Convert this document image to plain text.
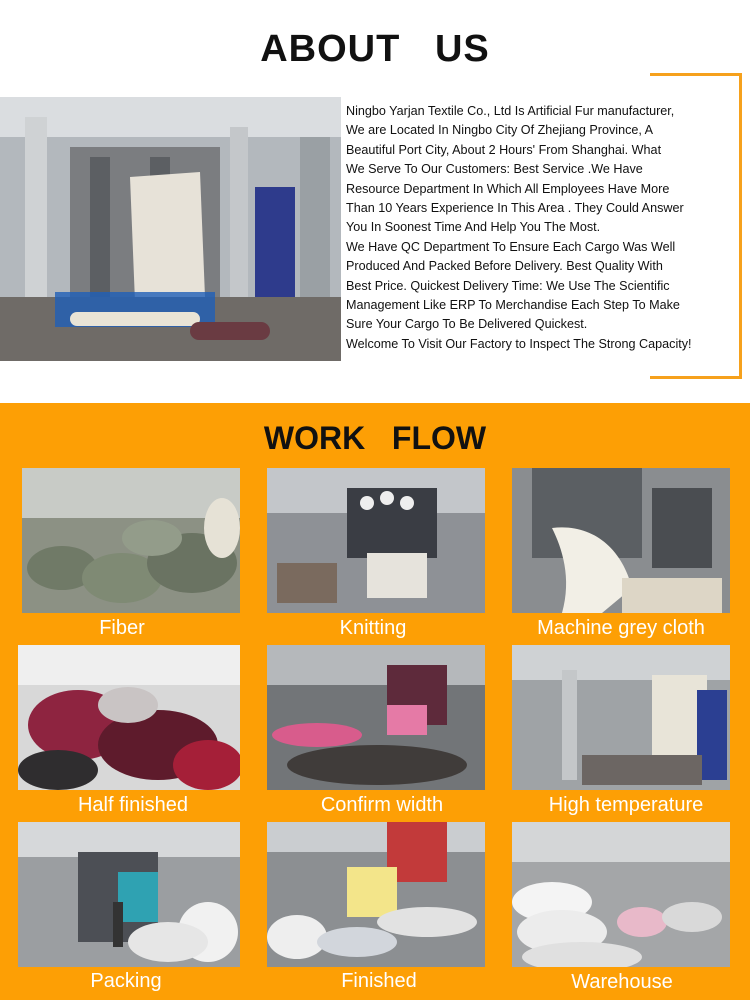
ABOUT   US
Ningbo Yarjan Textile Co., Ltd Is Artificial Fur manufacturer,
We are Located In Ningbo City Of Zhejiang Province, A
Beautiful Port City, About 2 Hours' From Shanghai. What
We Serve To Our Customers: Best Service .We Have
Resource Department In Which All Employees Have More
Than 10 Years Experience In This Area . They Could Answer
You In Soonest Time And Help You The Most.
We Have QC Department To Ensure Each Cargo Was Well
Produced And Packed Before Delivery. Best Quality With
Best Price. Quickest Delivery Time: We Use The Scientific
Management Like ERP To Merchandise Each Step To Make
Sure Your Cargo To Be Delivered Quickest.
Welcome To Visit Our Factory to Inspect The Strong Capacity!
WORK   FLOW
Fiber	Knitting	Machine grey cloth
Half finished	Confirm width	High temperature
Packing	Finished	Warehouse
